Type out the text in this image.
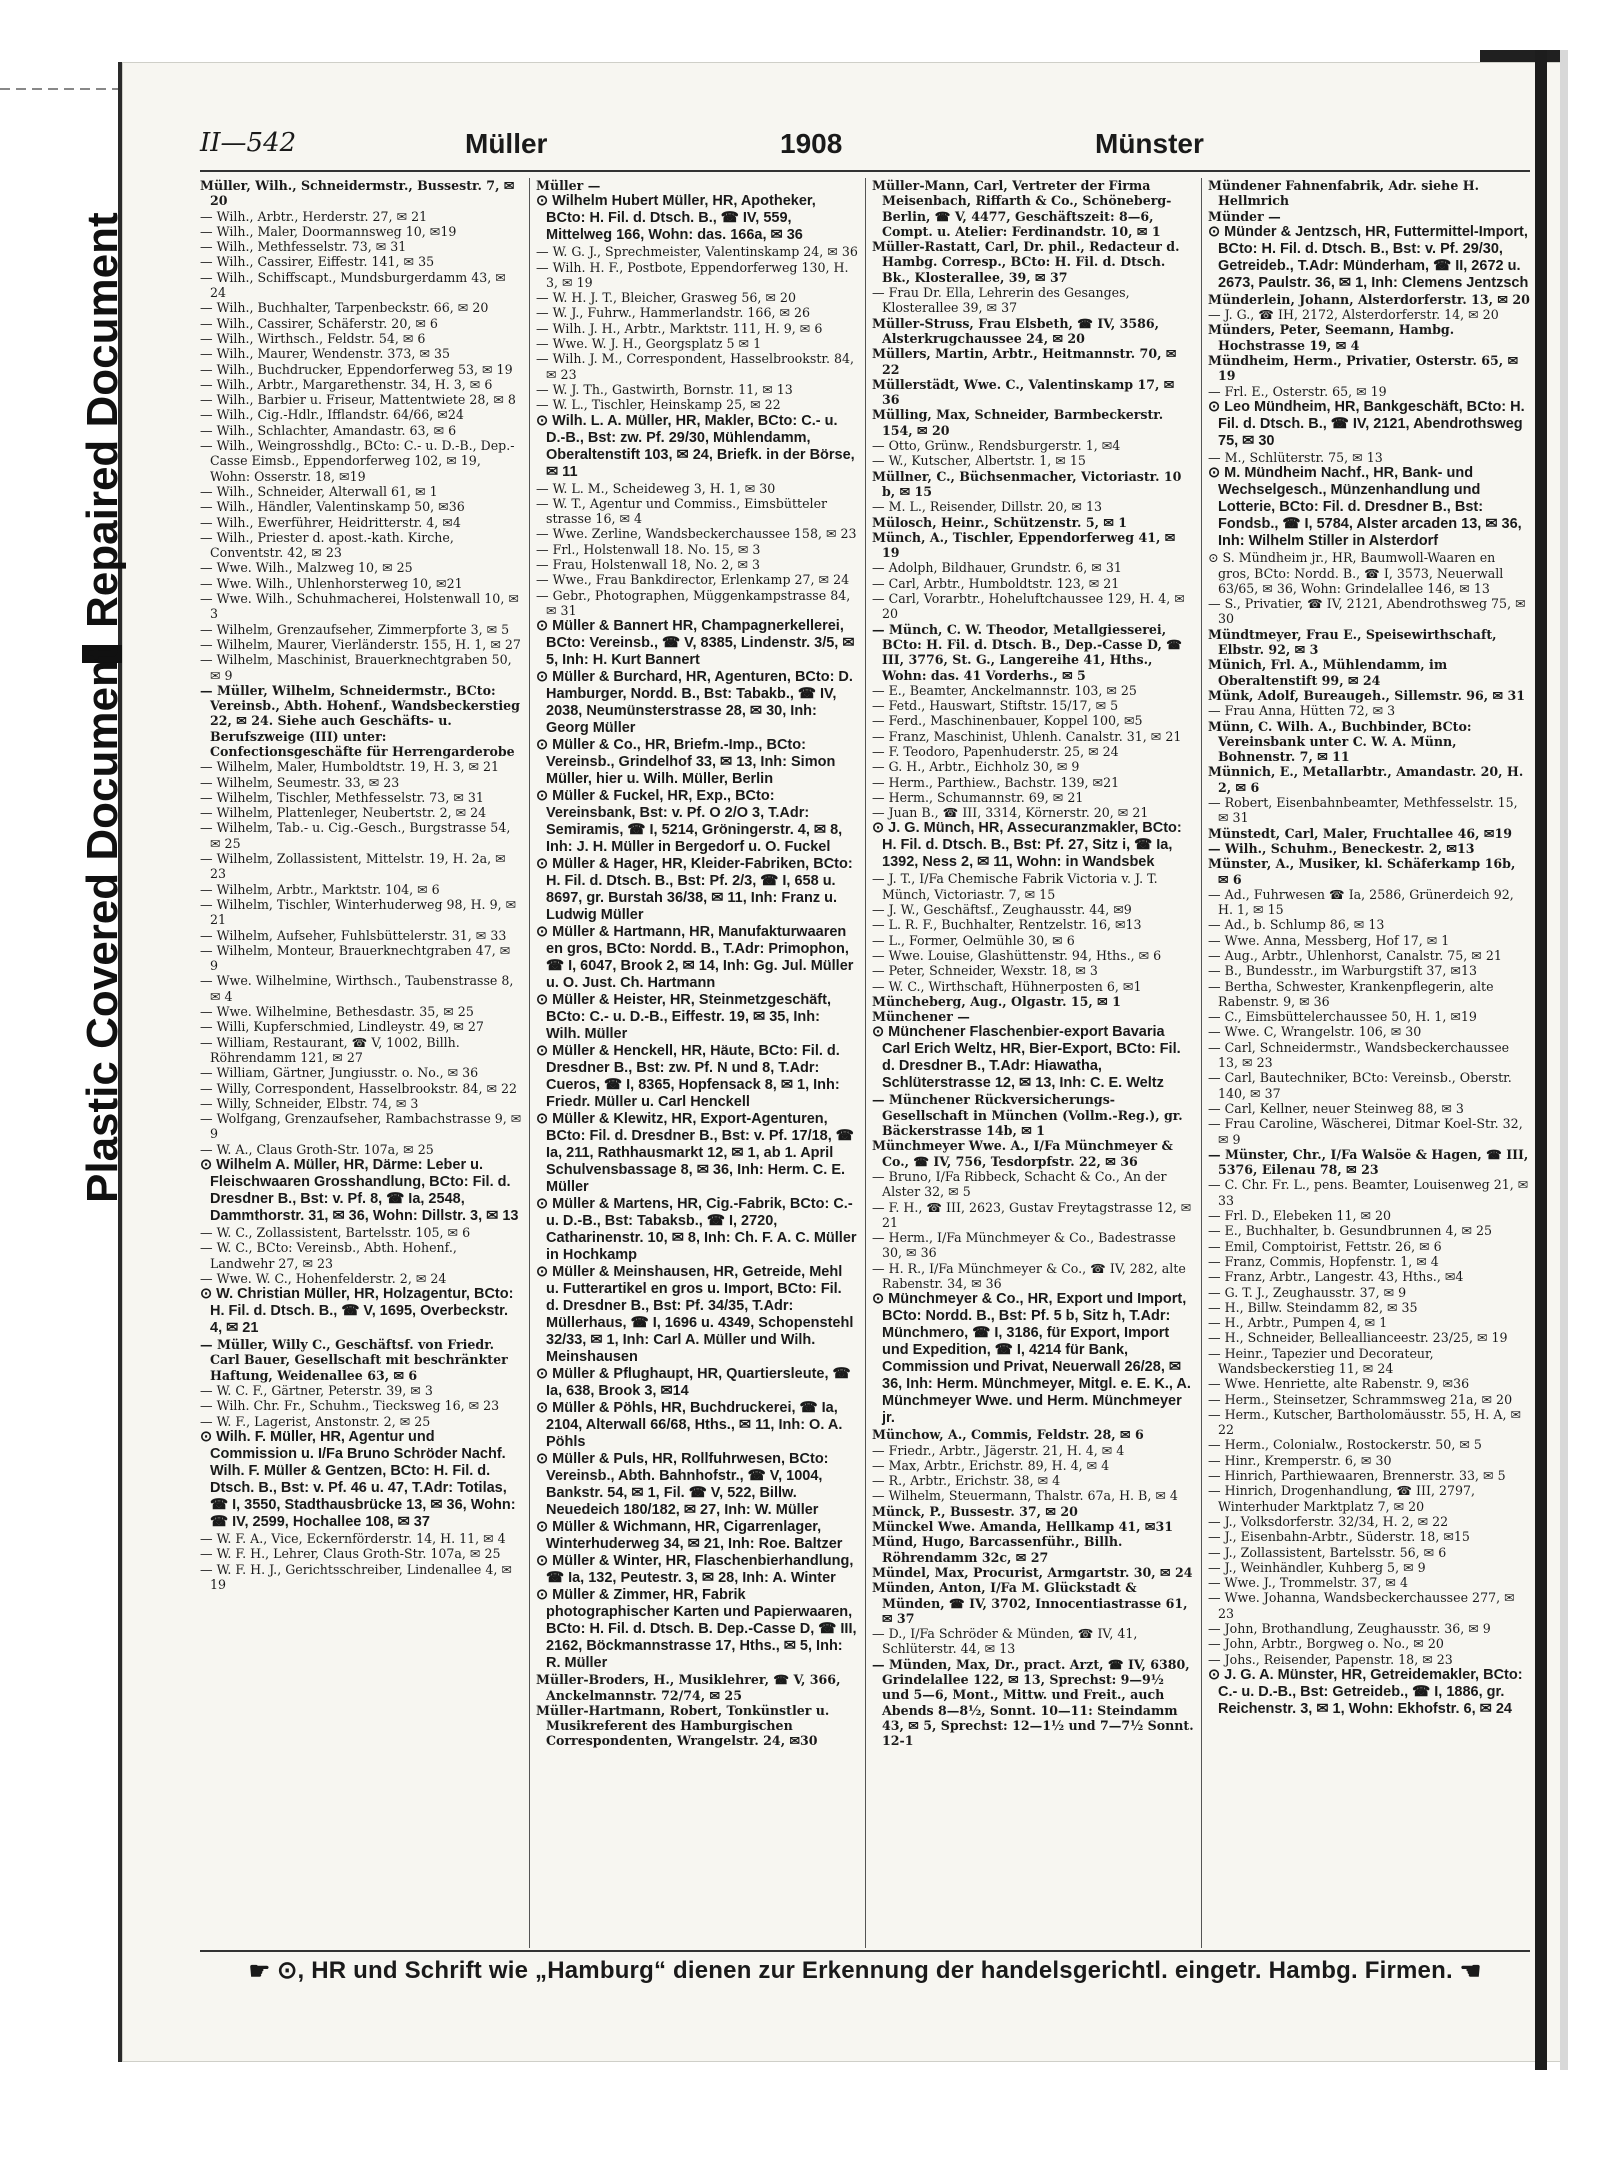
Repaired Document
Plastic Covered Document
II—542	Müller	1908	Münster

Müller, Wilh., Schneidermstr., Bussestr. 7, ✉ 20

— Wilh., Arbtr., Herderstr. 27, ✉ 21

— Wilh., Maler, Doormannsweg 10, ✉19

— Wilh., Methfesselstr. 73, ✉ 31

— Wilh., Cassirer, Eiffestr. 141, ✉ 35

— Wilh., Schiffscapt., Mundsburgerdamm 43, ✉ 24

— Wilh., Buchhalter, Tarpenbeckstr. 66, ✉ 20

— Wilh., Cassirer, Schäferstr. 20, ✉ 6

— Wilh., Wirthsch., Feldstr. 54, ✉ 6

— Wilh., Maurer, Wendenstr. 373, ✉ 35

— Wilh., Buchdrucker, Eppendorferweg 53, ✉ 19

— Wilh., Arbtr., Margarethenstr. 34, H. 3, ✉ 6

— Wilh., Barbier u. Friseur, Mattentwiete 28, ✉ 8

— Wilh., Cig.-Hdlr., Ifflandstr. 64/66, ✉24

— Wilh., Schlachter, Amandastr. 63, ✉ 6

— Wilh., Weingrosshdlg., BCto: C.- u. D.-B., Dep.-Casse Eimsb., Eppendorferweg 102, ✉ 19, Wohn: Osserstr. 18, ✉19

— Wilh., Schneider, Alterwall 61, ✉ 1

— Wilh., Händler, Valentinskamp 50, ✉36

— Wilh., Ewerführer, Heidritterstr. 4, ✉4

— Wilh., Priester d. apost.-kath. Kirche, Conventstr. 42, ✉ 23

— Wwe. Wilh., Malzweg 10, ✉ 25

— Wwe. Wilh., Uhlenhorsterweg 10, ✉21

— Wwe. Wilh., Schuhmacherei, Holstenwall 10, ✉ 3

— Wilhelm, Grenzaufseher, Zimmerpforte 3, ✉ 5

— Wilhelm, Maurer, Vierländerstr. 155, H. 1, ✉ 27

— Wilhelm, Maschinist, Brauerknechtgraben 50, ✉ 9

— Müller, Wilhelm, Schneidermstr., BCto: Vereinsb., Abth. Hohenf., Wandsbeckerstieg 22, ✉ 24. Siehe auch Geschäfts- u. Berufszweige (III) unter: Confectionsgeschäfte für Herrengarderobe

— Wilhelm, Maler, Humboldtstr. 19, H. 3, ✉ 21

— Wilhelm, Seumestr. 33, ✉ 23

— Wilhelm, Tischler, Methfesselstr. 73, ✉ 31

— Wilhelm, Plattenleger, Neubertstr. 2, ✉ 24

— Wilhelm, Tab.- u. Cig.-Gesch., Burgstrasse 54, ✉ 25

— Wilhelm, Zollassistent, Mittelstr. 19, H. 2a, ✉ 23

— Wilhelm, Arbtr., Marktstr. 104, ✉ 6

— Wilhelm, Tischler, Winterhuderweg 98, H. 9, ✉ 21

— Wilhelm, Aufseher, Fuhlsbüttelerstr. 31, ✉ 33

— Wilhelm, Monteur, Brauerknechtgraben 47, ✉ 9

— Wwe. Wilhelmine, Wirthsch., Taubenstrasse 8, ✉ 4

— Wwe. Wilhelmine, Bethesdastr. 35, ✉ 25

— Willi, Kupferschmied, Lindleystr. 49, ✉ 27

— William, Restaurant, ☎ V, 1002, Billh. Röhrendamm 121, ✉ 27

— William, Gärtner, Jungiusstr. o. No., ✉ 36

— Willy, Correspondent, Hasselbrookstr. 84, ✉ 22

— Willy, Schneider, Elbstr. 74, ✉ 3

— Wolfgang, Grenzaufseher, Rambachstrasse 9, ✉ 9

— W. A., Claus Groth-Str. 107a, ✉ 25

⊙ Wilhelm A. Müller, HR, Därme: Leber u. Fleischwaaren Grosshandlung, BCto: Fil. d. Dresdner B., Bst: v. Pf. 8, ☎ Ia, 2548, Dammthorstr. 31, ✉ 36, Wohn: Dillstr. 3, ✉ 13

— W. C., Zollassistent, Bartelsstr. 105, ✉ 6

— W. C., BCto: Vereinsb., Abth. Hohenf., Landwehr 27, ✉ 23

— Wwe. W. C., Hohenfelderstr. 2, ✉ 24

⊙ W. Christian Müller, HR, Holzagentur, BCto: H. Fil. d. Dtsch. B., ☎ V, 1695, Overbeckstr. 4, ✉ 21

— Müller, Willy C., Geschäftsf. von Friedr. Carl Bauer, Gesellschaft mit beschränkter Haftung, Weidenallee 63, ✉ 6

— W. C. F., Gärtner, Peterstr. 39, ✉ 3

— Wilh. Chr. Fr., Schuhm., Tiecksweg 16, ✉ 23

— W. F., Lagerist, Anstonstr. 2, ✉ 25

⊙ Wilh. F. Müller, HR, Agentur und Commission u. I/Fa Bruno Schröder Nachf. Wilh. F. Müller & Gentzen, BCto: H. Fil. d. Dtsch. B., Bst: v. Pf. 46 u. 47, T.Adr: Totilas, ☎ I, 3550, Stadthausbrücke 13, ✉ 36, Wohn: ☎ IV, 2599, Hochallee 108, ✉ 37

— W. F. A., Vice, Eckernförderstr. 14, H. 11, ✉ 4

— W. F. H., Lehrer, Claus Groth-Str. 107a, ✉ 25

— W. F. H. J., Gerichtsschreiber, Lindenallee 4, ✉ 19

Müller —

⊙ Wilhelm Hubert Müller, HR, Apotheker, BCto: H. Fil. d. Dtsch. B., ☎ IV, 559, Mittelweg 166, Wohn: das. 166a, ✉ 36

— W. G. J., Sprechmeister, Valentinskamp 24, ✉ 36

— Wilh. H. F., Postbote, Eppendorferweg 130, H. 3, ✉ 19

— W. H. J. T., Bleicher, Grasweg 56, ✉ 20

— W. J., Fuhrw., Hammerlandstr. 166, ✉ 26

— Wilh. J. H., Arbtr., Marktstr. 111, H. 9, ✉ 6

— Wwe. W. J. H., Georgsplatz 5 ✉ 1

— Wilh. J. M., Correspondent, Hasselbrookstr. 84, ✉ 23

— W. J. Th., Gastwirth, Bornstr. 11, ✉ 13

— W. L., Tischler, Heinskamp 25, ✉ 22

⊙ Wilh. L. A. Müller, HR, Makler, BCto: C.- u. D.-B., Bst: zw. Pf. 29/30, Mühlendamm, Oberaltenstift 103, ✉ 24, Briefk. in der Börse, ✉ 11

— W. L. M., Scheideweg 3, H. 1, ✉ 30

— W. T., Agentur und Commiss., Eimsbütteler strasse 16, ✉ 4

— Wwe. Zerline, Wandsbeckerchaussee 158, ✉ 23

— Frl., Holstenwall 18. No. 15, ✉ 3

— Frau, Holstenwall 18, No. 2, ✉ 3

— Wwe., Frau Bankdirector, Erlenkamp 27, ✉ 24

— Gebr., Photographen, Müggenkampstrasse 84, ✉ 31

⊙ Müller & Bannert HR, Champagnerkellerei, BCto: Vereinsb., ☎ V, 8385, Lindenstr. 3/5, ✉ 5, Inh: H. Kurt Bannert

⊙ Müller & Burchard, HR, Agenturen, BCto: D. Hamburger, Nordd. B., Bst: Tabakb., ☎ IV, 2038, Neumünsterstrasse 28, ✉ 30, Inh: Georg Müller

⊙ Müller & Co., HR, Briefm.-Imp., BCto: Vereinsb., Grindelhof 33, ✉ 13, Inh: Simon Müller, hier u. Wilh. Müller, Berlin

⊙ Müller & Fuckel, HR, Exp., BCto: Vereinsbank, Bst: v. Pf. O 2/O 3, T.Adr: Semiramis, ☎ I, 5214, Gröningerstr. 4, ✉ 8, Inh: J. H. Müller in Bergedorf u. O. Fuckel

⊙ Müller & Hager, HR, Kleider-Fabriken, BCto: H. Fil. d. Dtsch. B., Bst: Pf. 2/3, ☎ I, 658 u. 8697, gr. Burstah 36/38, ✉ 11, Inh: Franz u. Ludwig Müller

⊙ Müller & Hartmann, HR, Manufakturwaaren en gros, BCto: Nordd. B., T.Adr: Primophon, ☎ I, 6047, Brook 2, ✉ 14, Inh: Gg. Jul. Müller u. O. Just. Ch. Hartmann

⊙ Müller & Heister, HR, Steinmetzgeschäft, BCto: C.- u. D.-B., Eiffestr. 19, ✉ 35, Inh: Wilh. Müller

⊙ Müller & Henckell, HR, Häute, BCto: Fil. d. Dresdner B., Bst: zw. Pf. N und 8, T.Adr: Cueros, ☎ I, 8365, Hopfensack 8, ✉ 1, Inh: Friedr. Müller u. Carl Henckell

⊙ Müller & Klewitz, HR, Export-Agenturen, BCto: Fil. d. Dresdner B., Bst: v. Pf. 17/18, ☎ Ia, 211, Rathhausmarkt 12, ✉ 1, ab 1. April Schulvensbassage 8, ✉ 36, Inh: Herm. C. E. Müller

⊙ Müller & Martens, HR, Cig.-Fabrik, BCto: C.- u. D.-B., Bst: Tabaksb., ☎ I, 2720, Catharinenstr. 10, ✉ 8, Inh: Ch. F. A. C. Müller in Hochkamp

⊙ Müller & Meinshausen, HR, Getreide, Mehl u. Futterartikel en gros u. Import, BCto: Fil. d. Dresdner B., Bst: Pf. 34/35, T.Adr: Müllerhaus, ☎ I, 1696 u. 4349, Schopenstehl 32/33, ✉ 1, Inh: Carl A. Müller und Wilh. Meinshausen

⊙ Müller & Pflughaupt, HR, Quartiersleute, ☎ Ia, 638, Brook 3, ✉14

⊙ Müller & Pöhls, HR, Buchdruckerei, ☎ Ia, 2104, Alterwall 66/68, Hths., ✉ 11, Inh: O. A. Pöhls

⊙ Müller & Puls, HR, Rollfuhrwesen, BCto: Vereinsb., Abth. Bahnhofstr., ☎ V, 1004, Bankstr. 54, ✉ 1, Fil. ☎ V, 522, Billw. Neuedeich 180/182, ✉ 27, Inh: W. Müller

⊙ Müller & Wichmann, HR, Cigarrenlager, Winterhuderweg 34, ✉ 21, Inh: Roe. Baltzer

⊙ Müller & Winter, HR, Flaschenbierhandlung, ☎ Ia, 132, Peutestr. 3, ✉ 28, Inh: A. Winter

⊙ Müller & Zimmer, HR, Fabrik photographischer Karten und Papierwaaren, BCto: H. Fil. d. Dtsch. B. Dep.-Casse D, ☎ III, 2162, Böckmannstrasse 17, Hths., ✉ 5, Inh: R. Müller

Müller-Broders, H., Musiklehrer, ☎ V, 366, Anckelmannstr. 72/74, ✉ 25

Müller-Hartmann, Robert, Tonkünstler u. Musikreferent des Hamburgischen Correspondenten, Wrangelstr. 24, ✉30

Müller-Mann, Carl, Vertreter der Firma Meisenbach, Riffarth & Co., Schöneberg-Berlin, ☎ V, 4477, Geschäftszeit: 8—6, Compt. u. Atelier: Ferdinandstr. 10, ✉ 1

Müller-Rastatt, Carl, Dr. phil., Redacteur d. Hambg. Corresp., BCto: H. Fil. d. Dtsch. Bk., Klosterallee, 39, ✉ 37

— Frau Dr. Ella, Lehrerin des Gesanges, Klosterallee 39, ✉ 37

Müller-Struss, Frau Elsbeth, ☎ IV, 3586, Alsterkrugchaussee 24, ✉ 20

Müllers, Martin, Arbtr., Heitmannstr. 70, ✉ 22

Müllerstädt, Wwe. C., Valentinskamp 17, ✉ 36

Mülling, Max, Schneider, Barmbeckerstr. 154, ✉ 20

— Otto, Grünw., Rendsburgerstr. 1, ✉4

— W., Kutscher, Albertstr. 1, ✉ 15

Müllner, C., Büchsenmacher, Victoriastr. 10 b, ✉ 15

— M. L., Reisender, Dillstr. 20, ✉ 13

Mülosch, Heinr., Schützenstr. 5, ✉ 1

Münch, A., Tischler, Eppendorferweg 41, ✉ 19

— Adolph, Bildhauer, Grundstr. 6, ✉ 31

— Carl, Arbtr., Humboldtstr. 123, ✉ 21

— Carl, Vorarbtr., Hoheluftchaussee 129, H. 4, ✉ 20

— Münch, C. W. Theodor, Metallgiesserei, BCto: H. Fil. d. Dtsch. B., Dep.-Casse D, ☎ III, 3776, St. G., Langereihe 41, Hths., Wohn: das. 41 Vorderhs., ✉ 5

— E., Beamter, Anckelmannstr. 103, ✉ 25

— Fetd., Hauswart, Stiftstr. 15/17, ✉ 5

— Ferd., Maschinenbauer, Koppel 100, ✉5

— Franz, Maschinist, Uhlenh. Canalstr. 31, ✉ 21

— F. Teodoro, Papenhuderstr. 25, ✉ 24

— G. H., Arbtr., Eichholz 30, ✉ 9

— Herm., Parthiew., Bachstr. 139, ✉21

— Herm., Schumannstr. 69, ✉ 21

— Juan B., ☎ III, 3314, Körnerstr. 20, ✉ 21

⊙ J. G. Münch, HR, Assecuranzmakler, BCto: H. Fil. d. Dtsch. B., Bst: Pf. 27, Sitz i, ☎ Ia, 1392, Ness 2, ✉ 11, Wohn: in Wandsbek

— J. T., I/Fa Chemische Fabrik Victoria v. J. T. Münch, Victoriastr. 7, ✉ 15

— J. W., Geschäftsf., Zeughausstr. 44, ✉9

— L. R. F., Buchhalter, Rentzelstr. 16, ✉13

— L., Former, Oelmühle 30, ✉ 6

— Wwe. Louise, Glashüttenstr. 94, Hths., ✉ 6

— Peter, Schneider, Wexstr. 18, ✉ 3

— W. C., Wirthschaft, Hühnerposten 6, ✉1

Müncheberg, Aug., Olgastr. 15, ✉ 1

Münchener —

⊙ Münchener Flaschenbier-export Bavaria Carl Erich Weltz, HR, Bier-Export, BCto: Fil. d. Dresdner B., T.Adr: Hiawatha, Schlüterstrasse 12, ✉ 13, Inh: C. E. Weltz

— Münchener Rückversicherungs-Gesellschaft in München (Vollm.-Reg.), gr. Bäckerstrasse 14b, ✉ 1

Münchmeyer Wwe. A., I/Fa Münchmeyer & Co., ☎ IV, 756, Tesdorpfstr. 22, ✉ 36

— Bruno, I/Fa Ribbeck, Schacht & Co., An der Alster 32, ✉ 5

— F. H., ☎ III, 2623, Gustav Freytagstrasse 12, ✉ 21

— Herm., I/Fa Münchmeyer & Co., Badestrasse 30, ✉ 36

— H. R., I/Fa Münchmeyer & Co., ☎ IV, 282, alte Rabenstr. 34, ✉ 36

⊙ Münchmeyer & Co., HR, Export und Import, BCto: Nordd. B., Bst: Pf. 5 b, Sitz h, T.Adr: Münchmero, ☎ I, 3186, für Export, Import und Expedition, ☎ I, 4214 für Bank, Commission und Privat, Neuerwall 26/28, ✉ 36, Inh: Herm. Münchmeyer, Mitgl. e. E. K., A. Münchmeyer Wwe. und Herm. Münchmeyer jr.

Münchow, A., Commis, Feldstr. 28, ✉ 6

— Friedr., Arbtr., Jägerstr. 21, H. 4, ✉ 4

— Max, Arbtr., Erichstr. 89, H. 4, ✉ 4

— R., Arbtr., Erichstr. 38, ✉ 4

— Wilhelm, Steuermann, Thalstr. 67a, H. B, ✉ 4

Münck, P., Bussestr. 37, ✉ 20

Münckel Wwe. Amanda, Hellkamp 41, ✉31

Münd, Hugo, Barcassenführ., Billh. Röhrendamm 32c, ✉ 27

Mündel, Max, Procurist, Armgartstr. 30, ✉ 24

Münden, Anton, I/Fa M. Glückstadt & Münden, ☎ IV, 3702, Innocentiastrasse 61, ✉ 37

— D., I/Fa Schröder & Münden, ☎ IV, 41, Schlüterstr. 44, ✉ 13

— Münden, Max, Dr., pract. Arzt, ☎ IV, 6380, Grindelallee 122, ✉ 13, Sprechst: 9—9½ und 5—6, Mont., Mittw. und Freit., auch Abends 8—8½, Sonnt. 10—11: Steindamm 43, ✉ 5, Sprechst: 12—1½ und 7—7½ Sonnt. 12-1

Mündener Fahnenfabrik, Adr. siehe H. Hellmrich

Münder —

⊙ Münder & Jentzsch, HR, Futtermittel-Import, BCto: H. Fil. d. Dtsch. B., Bst: v. Pf. 29/30, Getreideb., T.Adr: Münderham, ☎ II, 2672 u. 2673, Paulstr. 36, ✉ 1, Inh: Clemens Jentzsch

Münderlein, Johann, Alsterdorferstr. 13, ✉ 20

— J. G., ☎ IH, 2172, Alsterdorferstr. 14, ✉ 20

Münders, Peter, Seemann, Hambg. Hochstrasse 19, ✉ 4

Mündheim, Herm., Privatier, Osterstr. 65, ✉ 19

— Frl. E., Osterstr. 65, ✉ 19

⊙ Leo Mündheim, HR, Bankgeschäft, BCto: H. Fil. d. Dtsch. B., ☎ IV, 2121, Abendrothsweg 75, ✉ 30

— M., Schlüterstr. 75, ✉ 13

⊙ M. Mündheim Nachf., HR, Bank- und Wechselgesch., Münzenhandlung und Lotterie, BCto: Fil. d. Dresdner B., Bst: Fondsb., ☎ I, 5784, Alster arcaden 13, ✉ 36, Inh: Wilhelm Stiller in Alsterdorf

⊙ S. Mündheim jr., HR, Baumwoll-Waaren en gros, BCto: Nordd. B., ☎ I, 3573, Neuerwall 63/65, ✉ 36, Wohn: Grindelallee 146, ✉ 13

— S., Privatier, ☎ IV, 2121, Abendrothsweg 75, ✉ 30

Mündtmeyer, Frau E., Speisewirthschaft, Elbstr. 92, ✉ 3

Münich, Frl. A., Mühlendamm, im Oberaltenstift 99, ✉ 24

Münk, Adolf, Bureaugeh., Sillemstr. 96, ✉ 31

— Frau Anna, Hütten 72, ✉ 3

Münn, C. Wilh. A., Buchbinder, BCto: Vereinsbank unter C. W. A. Münn, Bohnenstr. 7, ✉ 11

Münnich, E., Metallarbtr., Amandastr. 20, H. 2, ✉ 6

— Robert, Eisenbahnbeamter, Methfesselstr. 15, ✉ 31

Münstedt, Carl, Maler, Fruchtallee 46, ✉19

— Wilh., Schuhm., Beneckestr. 2, ✉13

Münster, A., Musiker, kl. Schäferkamp 16b, ✉ 6

— Ad., Fuhrwesen ☎ Ia, 2586, Grünerdeich 92, H. 1, ✉ 15

— Ad., b. Schlump 86, ✉ 13

— Wwe. Anna, Messberg, Hof 17, ✉ 1

— Aug., Arbtr., Uhlenhorst, Canalstr. 75, ✉ 21

— B., Bundesstr., im Warburgstift 37, ✉13

— Bertha, Schwester, Krankenpflegerin, alte Rabenstr. 9, ✉ 36

— C., Eimsbüttelerchaussee 50, H. 1, ✉19

— Wwe. C, Wrangelstr. 106, ✉ 30

— Carl, Schneidermstr., Wandsbeckerchaussee 13, ✉ 23

— Carl, Bautechniker, BCto: Vereinsb., Oberstr. 140, ✉ 37

— Carl, Kellner, neuer Steinweg 88, ✉ 3

— Frau Caroline, Wäscherei, Ditmar Koel-Str. 32, ✉ 9

— Münster, Chr., I/Fa Walsöe & Hagen, ☎ III, 5376, Eilenau 78, ✉ 23

— C. Chr. Fr. L., pens. Beamter, Louisenweg 21, ✉ 33

— Frl. D., Elebeken 11, ✉ 20

— E., Buchhalter, b. Gesundbrunnen 4, ✉ 25

— Emil, Comptoirist, Fettstr. 26, ✉ 6

— Franz, Commis, Hopfenstr. 1, ✉ 4

— Franz, Arbtr., Langestr. 43, Hths., ✉4

— G. T. J., Zeughausstr. 37, ✉ 9

— H., Billw. Steindamm 82, ✉ 35

— H., Arbtr., Pumpen 4, ✉ 1

— H., Schneider, Belleallianceestr. 23/25, ✉ 19

— Heinr., Tapezier und Decorateur, Wandsbeckerstieg 11, ✉ 24

— Wwe. Henriette, alte Rabenstr. 9, ✉36

— Herm., Steinsetzer, Schrammsweg 21a, ✉ 20

— Herm., Kutscher, Bartholomäusstr. 55, H. A, ✉ 22

— Herm., Colonialw., Rostockerstr. 50, ✉ 5

— Hinr., Kremperstr. 6, ✉ 30

— Hinrich, Parthiewaaren, Brennerstr. 33, ✉ 5

— Hinrich, Drogenhandlung, ☎ III, 2797, Winterhuder Marktplatz 7, ✉ 20

— J., Volksdorferstr. 32/34, H. 2, ✉ 22

— J., Eisenbahn-Arbtr., Süderstr. 18, ✉15

— J., Zollassistent, Bartelsstr. 56, ✉ 6

— J., Weinhändler, Kuhberg 5, ✉ 9

— Wwe. J., Trommelstr. 37, ✉ 4

— Wwe. Johanna, Wandsbeckerchaussee 277, ✉ 23

— John, Brothandlung, Zeughausstr. 36, ✉ 9

— John, Arbtr., Borgweg o. No., ✉ 20

— Johs., Reisender, Papenstr. 18, ✉ 23

⊙ J. G. A. Münster, HR, Getreidemakler, BCto: C.- u. D.-B., Bst: Getreideb., ☎ I, 1886, gr. Reichenstr. 3, ✉ 1, Wohn: Ekhofstr. 6, ✉ 24

☛ ⊙, HR und Schrift wie „Hamburg“ dienen zur Erkennung der handelsgerichtl. eingetr. Hambg. Firmen. ☚
